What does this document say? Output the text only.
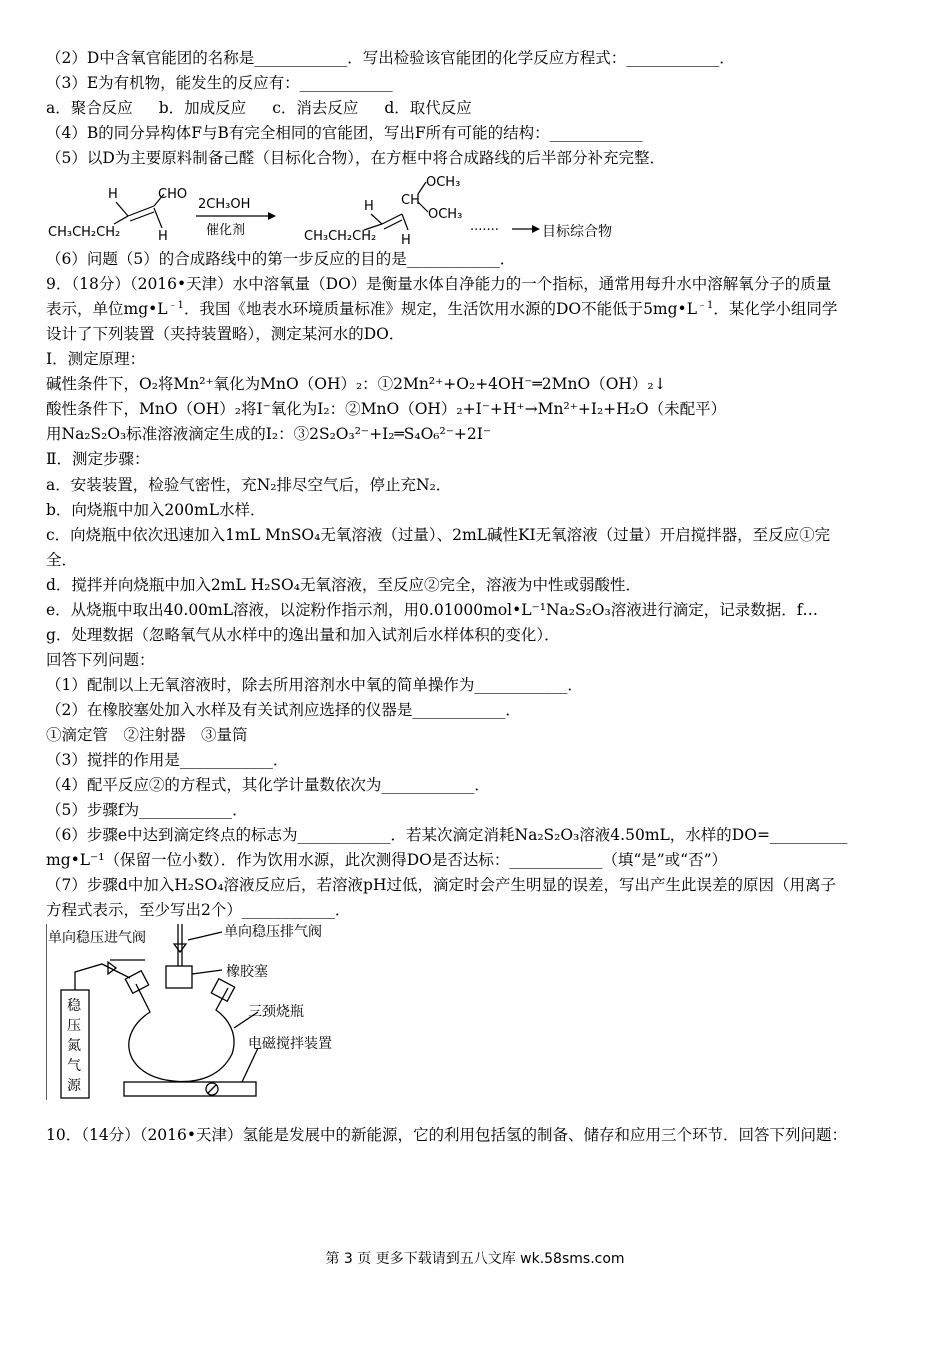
（2）D中含氧官能团的名称是____________．写出检验该官能团的化学反应方程式：____________．
（3）E为有机物，能发生的反应有：____________
a．聚合反应 b．加成反应 c．消去反应 d．取代反应
（4）B的同分异构体F与B有完全相同的官能团，写出F所有可能的结构：____________
（5）以D为主要原料制备己醛（目标化合物），在方框中将合成路线的后半部分补充完整．
H	CHO
CH₃CH₂CH₂	H
2CH₃OH
催化剂
OCH₃
CH
OCH₃
H
CH₃CH₂CH₂ H
·······	目标综合物
（6）问题（5）的合成路线中的第一步反应的目的是____________．
9．（18分）（2016•天津）水中溶氧量（DO）是衡量水体自净能力的一个指标，通常用每升水中溶解氧分子的质量
表示，单位$mg•L^{﹣1}$．我国《地表水环境质量标准》规定，生活饮用水源的DO不能低于$5mg•L^{﹣1}$．某化学小组同学
设计了下列装置（夹持装置略），测定某河水的DO．
I．测定原理：
碱性条件下，O₂将Mn²⁺氧化为MnO（OH）₂：①2Mn²⁺+O₂+4OH⁻═2MnO（OH）₂↓
酸性条件下，MnO（OH）₂将I⁻氧化为I₂：②MnO（OH）₂+I⁻+H⁺→Mn²⁺+I₂+H₂O（未配平）
用Na₂S₂O₃标准溶液滴定生成的I₂：③2S₂O₃²⁻+I₂═S₄O₆²⁻+2I⁻
Ⅱ．测定步骤：
a．安装装置，检验气密性，充N₂排尽空气后，停止充N₂．
b．向烧瓶中加入200mL水样．
c．向烧瓶中依次迅速加入1mL MnSO₄无氧溶液（过量）、2mL碱性KI无氧溶液（过量）开启搅拌器，至反应①完
全．
d．搅拌并向烧瓶中加入2mL H₂SO₄无氧溶液，至反应②完全，溶液为中性或弱酸性．
e．从烧瓶中取出40.00mL溶液，以淀粉作指示剂，用0.01000mol•L⁻¹Na₂S₂O₃溶液进行滴定，记录数据．f…
g．处理数据（忽略氧气从水样中的逸出量和加入试剂后水样体积的变化）．
回答下列问题：
（1）配制以上无氧溶液时，除去所用溶剂水中氧的简单操作为____________．
（2）在橡胶塞处加入水样及有关试剂应选择的仪器是____________．
①滴定管　②注射器　③量筒
（3）搅拌的作用是____________．
（4）配平反应②的方程式，其化学计量数依次为____________．
（5）步骤f为____________．
（6）步骤e中达到滴定终点的标志为____________．若某次滴定消耗Na₂S₂O₃溶液4.50mL，水样的DO=__________
mg•L⁻¹（保留一位小数）．作为饮用水源，此次测得DO是否达标：____________（填“是”或“否”）
（7）步骤d中加入H₂SO₄溶液反应后，若溶液pH过低，滴定时会产生明显的误差，写出产生此误差的原因（用离子
方程式表示，至少写出2个）____________．
单向稳压进气阀	单向稳压排气阀
橡胶塞
三颈烧瓶
电磁搅拌装置
稳
压
氮
气
源
10．（14分）（2016•天津）氢能是发展中的新能源，它的利用包括氢的制备、储存和应用三个环节．回答下列问题：
第 3 页 更多下载请到五八文库 wk.58sms.com
